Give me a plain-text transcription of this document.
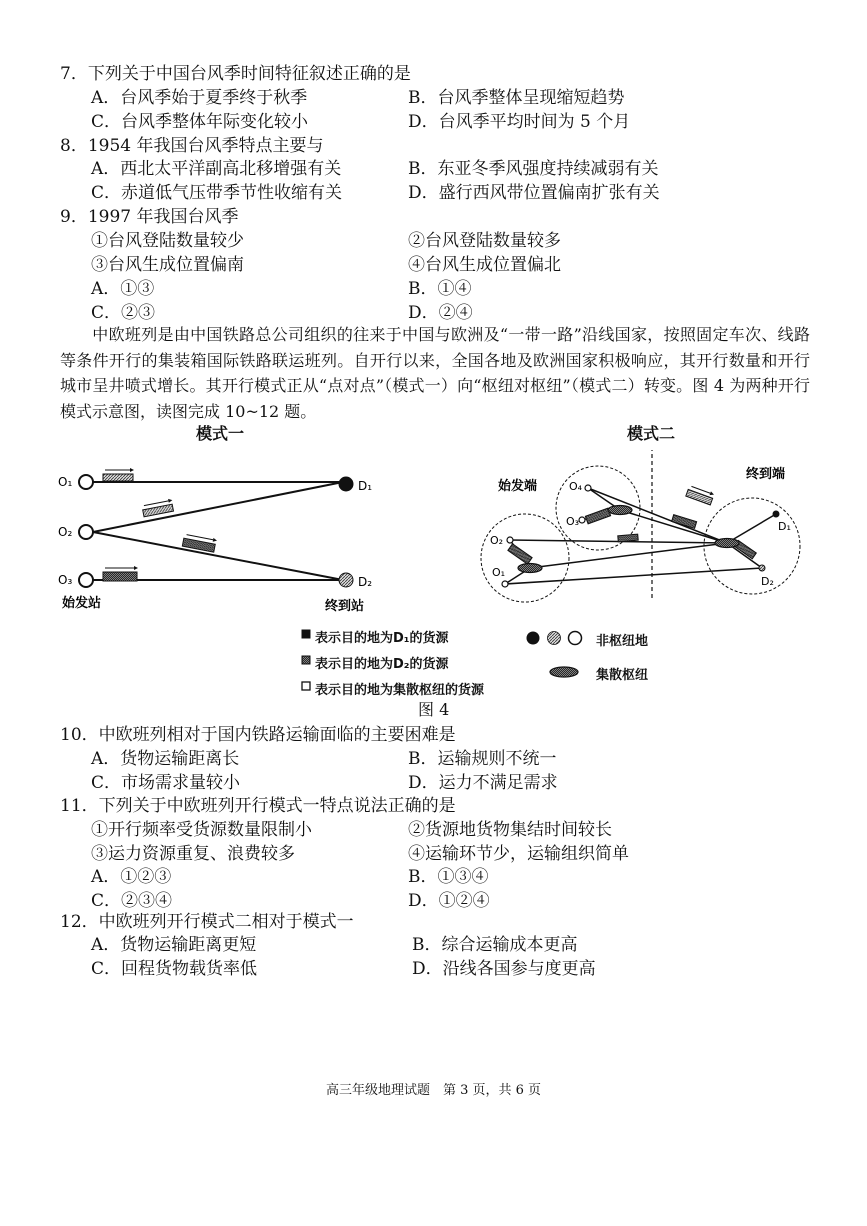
7．下列关于中国台风季时间特征叙述正确的是
A．台风季始于夏季终于秋季	B．台风季整体呈现缩短趋势
C．台风季整体年际变化较小	D．台风季平均时间为 5 个月
8．1954 年我国台风季特点主要与
A．西北太平洋副高北移增强有关	B．东亚冬季风强度持续减弱有关
C．赤道低气压带季节性收缩有关	D．盛行西风带位置偏南扩张有关
9．1997 年我国台风季
①台风登陆数量较少	②台风登陆数量较多
③台风生成位置偏南	④台风生成位置偏北
A．①③	B．①④
C．②③	D．②④
中欧班列是由中国铁路总公司组织的往来于中国与欧洲及“一带一路”沿线国家，按照固定车次、线路等条件开行的集装箱国际铁路联运班列。自开行以来，全国各地及欧洲国家积极响应，其开行数量和开行城市呈井喷式增长。其开行模式正从“点对点”（模式一）向“枢纽对枢纽”（模式二）转变。图 4 为两种开行模式示意图，读图完成 10~12 题。
模式一	模式二
O₁
O₂
O₃
D₁
D₂
始发站	终到站
O₄
O₃
O₂
O₁
D₁
D₂
始发端
终到端
表示目的地为D₁的货源
表示目的地为D₂的货源
表示目的地为集散枢纽的货源
非枢纽地
集散枢纽
图 4
10．中欧班列相对于国内铁路运输面临的主要困难是
A．货物运输距离长	B．运输规则不统一
C．市场需求量较小	D．运力不满足需求
11．下列关于中欧班列开行模式一特点说法正确的是
①开行频率受货源数量限制小	②货源地货物集结时间较长
③运力资源重复、浪费较多	④运输环节少，运输组织简单
A．①②③	B．①③④
C．②③④	D．①②④
12．中欧班列开行模式二相对于模式一
A．货物运输距离更短	B．综合运输成本更高
C．回程货物载货率低	D．沿线各国参与度更高
高三年级地理试题　第 3 页，共 6 页
